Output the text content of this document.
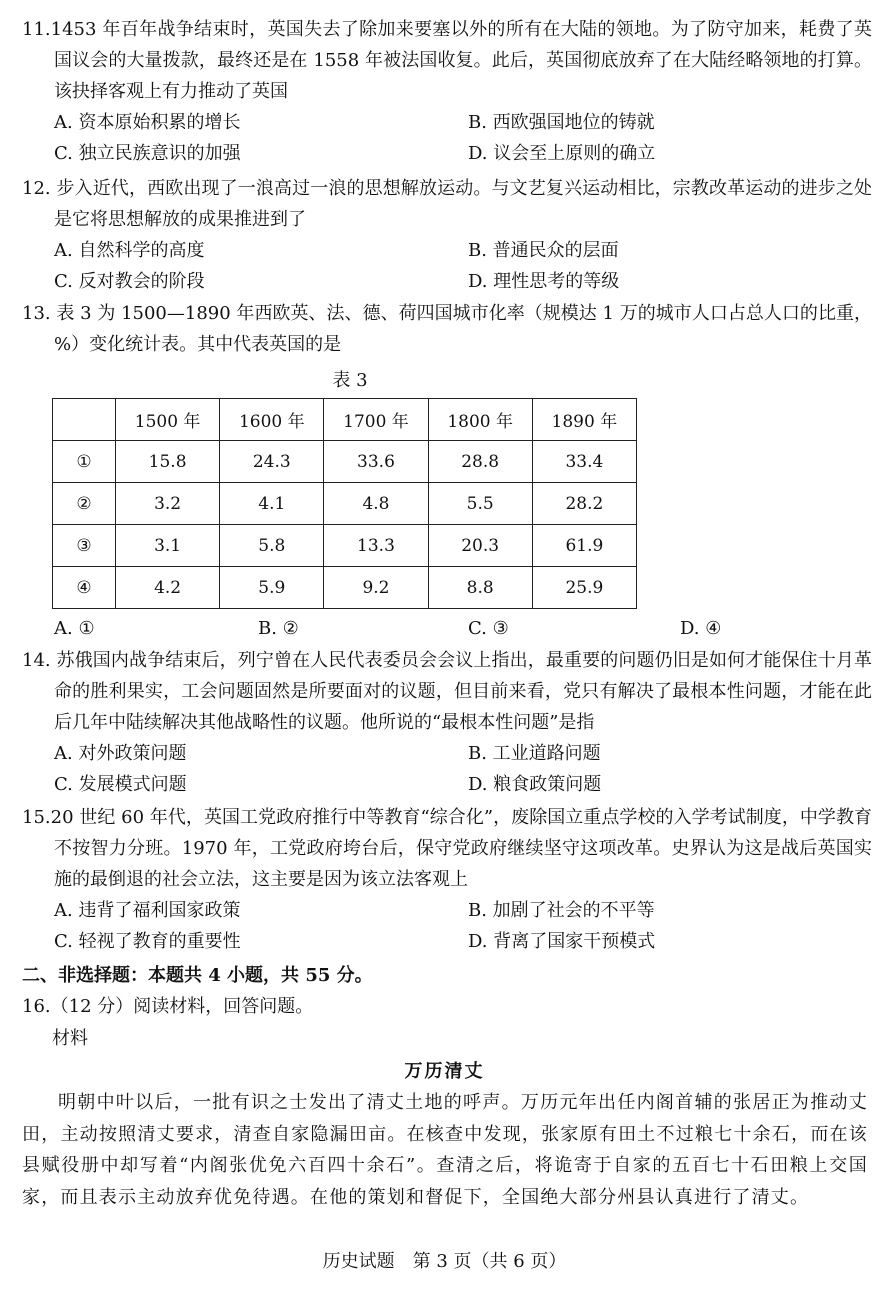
11.1453 年百年战争结束时，英国失去了除加来要塞以外的所有在大陆的领地。为了防守加来，耗费了英国议会的大量拨款，最终还是在 1558 年被法国收复。此后，英国彻底放弃了在大陆经略领地的打算。该抉择客观上有力推动了英国
A. 资本原始积累的增长	B. 西欧强国地位的铸就
C. 独立民族意识的加强	D. 议会至上原则的确立
12. 步入近代，西欧出现了一浪高过一浪的思想解放运动。与文艺复兴运动相比，宗教改革运动的进步之处是它将思想解放的成果推进到了
A. 自然科学的高度	B. 普通民众的层面
C. 反对教会的阶段	D. 理性思考的等级
13. 表 3 为 1500—1890 年西欧英、法、德、荷四国城市化率（规模达 1 万的城市人口占总人口的比重，%）变化统计表。其中代表英国的是
表 3
	1500 年	1600 年	1700 年	1800 年	1890 年
①	15.8	24.3	33.6	28.8	33.4
②	3.2	4.1	4.8	5.5	28.2
③	3.1	5.8	13.3	20.3	61.9
④	4.2	5.9	9.2	8.8	25.9
A. ①	B. ②	C. ③	D. ④
14. 苏俄国内战争结束后，列宁曾在人民代表委员会会议上指出，最重要的问题仍旧是如何才能保住十月革命的胜利果实，工会问题固然是所要面对的议题，但目前来看，党只有解决了最根本性问题，才能在此后几年中陆续解决其他战略性的议题。他所说的“最根本性问题”是指
A. 对外政策问题	B. 工业道路问题
C. 发展模式问题	D. 粮食政策问题
15.20 世纪 60 年代，英国工党政府推行中等教育“综合化”，废除国立重点学校的入学考试制度，中学教育不按智力分班。1970 年，工党政府垮台后，保守党政府继续坚守这项改革。史界认为这是战后英国实施的最倒退的社会立法，这主要是因为该立法客观上
A. 违背了福利国家政策	B. 加剧了社会的不平等
C. 轻视了教育的重要性	D. 背离了国家干预模式
二、非选择题：本题共 4 小题，共 55 分。
16.（12 分）阅读材料，回答问题。
材料
万历清丈
明朝中叶以后，一批有识之士发出了清丈土地的呼声。万历元年出任内阁首辅的张居正为推动丈田，主动按照清丈要求，清查自家隐漏田亩。在核查中发现，张家原有田土不过粮七十余石，而在该县赋役册中却写着“内阁张优免六百四十余石”。查清之后，将诡寄于自家的五百七十石田粮上交国家，而且表示主动放弃优免待遇。在他的策划和督促下，全国绝大部分州县认真进行了清丈。
历史试题　第 3 页（共 6 页）
